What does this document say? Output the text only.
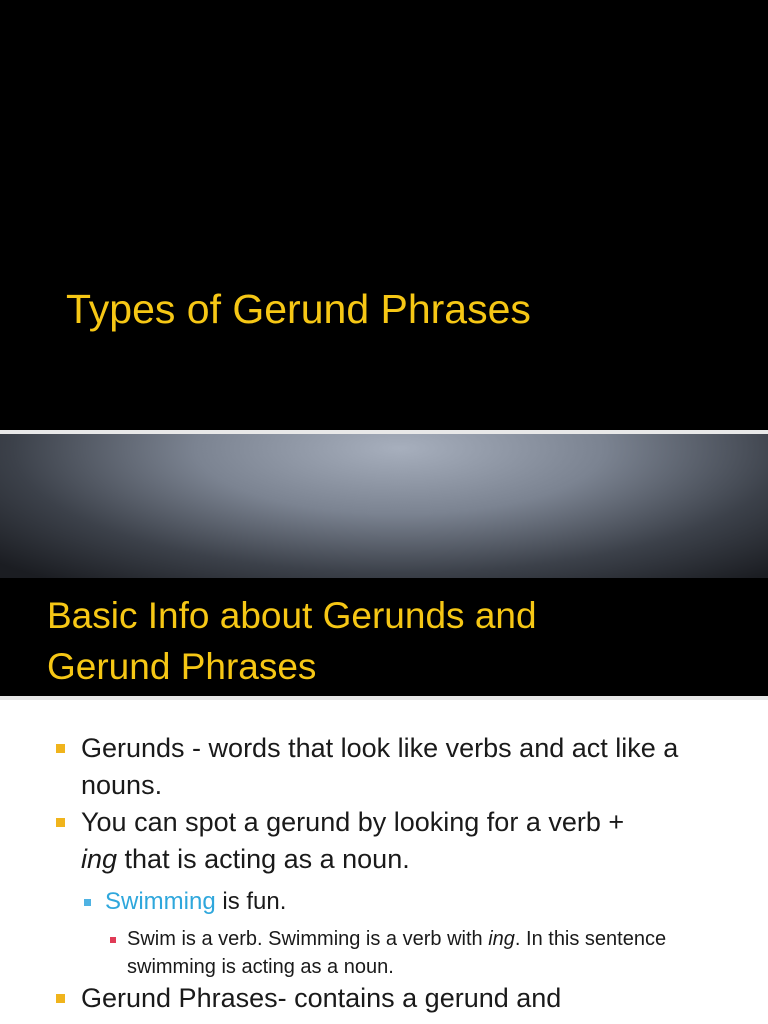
Types of Gerund Phrases
Basic Info about Gerunds and
Gerund Phrases
Gerunds - words that look like verbs and act like a nouns.
You can spot a gerund by looking for a verb +
ing that is acting as a noun.
Swimming is fun.
Swim is a verb. Swimming is a verb with ing. In this sentence swimming is acting as a noun.
Gerund Phrases- contains a gerund and
